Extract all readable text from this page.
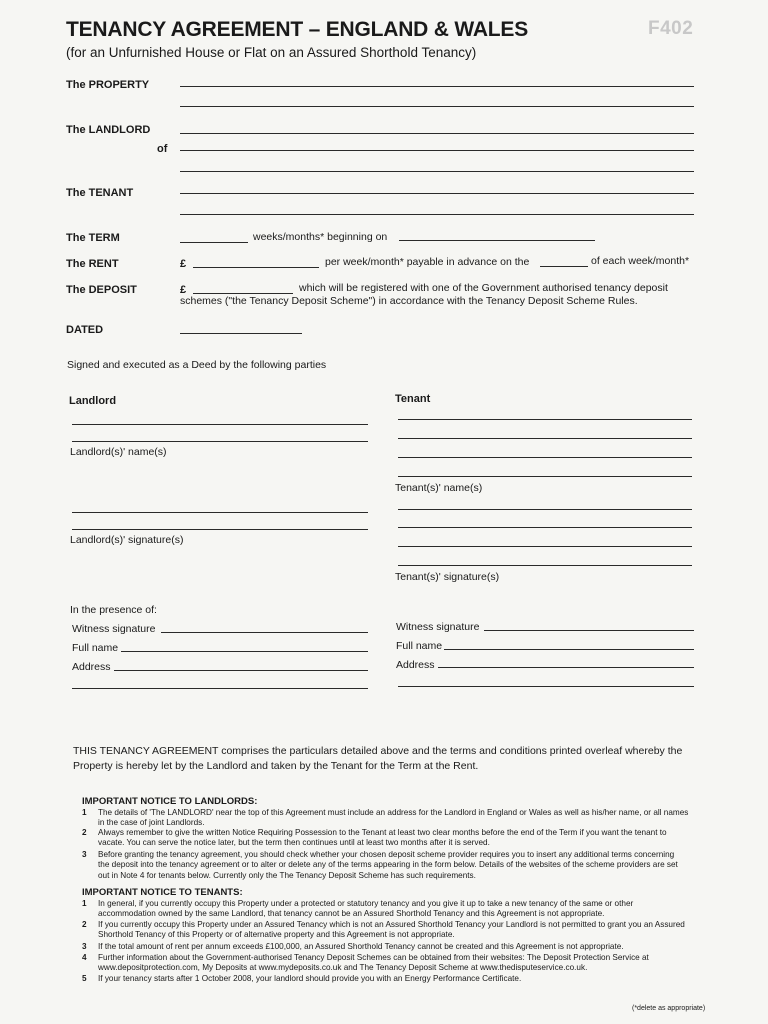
TENANCY AGREEMENT – ENGLAND & WALES
(for an Unfurnished House or Flat on an Assured Shorthold Tenancy)
F402
The PROPERTY
The LANDLORD
of
The TENANT
The TERM	weeks/months* beginning on
The RENT	£	per week/month* payable in advance on the	of each week/month*
The DEPOSIT	£	which will be registered with one of the Government authorised tenancy deposit
schemes ("the Tenancy Deposit Scheme") in accordance with the Tenancy Deposit Scheme Rules.
DATED
Signed and executed as a Deed by the following parties
Landlord	Tenant
Landlord(s)' name(s)
Landlord(s)' signature(s)
Tenant(s)' name(s)
Tenant(s)' signature(s)
In the presence of:
Witness signature
Full name
Address
Witness signature
Full name
Address
THIS TENANCY AGREEMENT comprises the particulars detailed above and the terms and conditions printed overleaf whereby the
Property is hereby let by the Landlord and taken by the Tenant for the Term at the Rent.
IMPORTANT NOTICE TO LANDLORDS:
1 The details of 'The LANDLORD' near the top of this Agreement must include an address for the Landlord in England or Wales as well as his/her name, or all names
in the case of joint Landlords.
2 Always remember to give the written Notice Requiring Possession to the Tenant at least two clear months before the end of the Term if you want the tenant to
vacate. You can serve the notice later, but the term then continues until at least two months after it is served.
3 Before granting the tenancy agreement, you should check whether your chosen deposit scheme provider requires you to insert any additional terms concerning
the deposit into the tenancy agreement or to alter or delete any of the terms appearing in the form below. Details of the websites of the scheme providers are set
out in Note 4 for tenants below. Currently only the The Tenancy Deposit Scheme has such requirements.
IMPORTANT NOTICE TO TENANTS:
1 In general, if you currently occupy this Property under a protected or statutory tenancy and you give it up to take a new tenancy of the same or other
accommodation owned by the same Landlord, that tenancy cannot be an Assured Shorthold Tenancy and this Agreement is not appropriate.
2 If you currently occupy this Property under an Assured Tenancy which is not an Assured Shorthold Tenancy your Landlord is not permitted to grant you an Assured
Shorthold Tenancy of this Property or of alternative property and this Agreement is not appropriate.
3 If the total amount of rent per annum exceeds £100,000, an Assured Shorthold Tenancy cannot be created and this Agreement is not appropriate.
4 Further information about the Government-authorised Tenancy Deposit Schemes can be obtained from their websites: The Deposit Protection Service at
www.depositprotection.com, My Deposits at www.mydeposits.co.uk and The Tenancy Deposit Scheme at www.thedisputeservice.co.uk.
5 If your tenancy starts after 1 October 2008, your landlord should provide you with an Energy Performance Certificate.
(*delete as appropriate)
